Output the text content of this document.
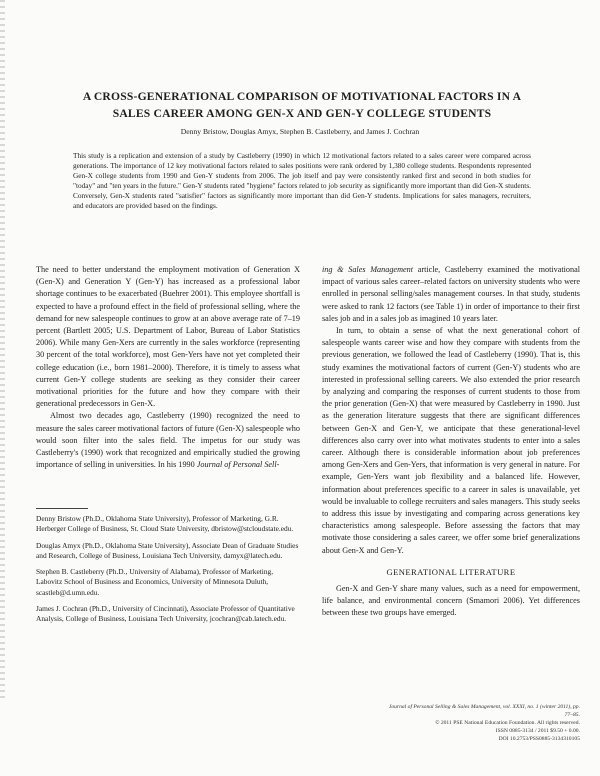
A CROSS-GENERATIONAL COMPARISON OF MOTIVATIONAL FACTORS IN A
SALES CAREER AMONG GEN-X AND GEN-Y COLLEGE STUDENTS
Denny Bristow, Douglas Amyx, Stephen B. Castleberry, and James J. Cochran
This study is a replication and extension of a study by Castleberry (1990) in which 12 motivational factors related to a sales career were compared across generations. The importance of 12 key motivational factors related to sales positions were rank ordered by 1,380 college students. Respondents represented Gen-X college students from 1990 and Gen-Y students from 2006. The job itself and pay were consistently ranked first and second in both studies for "today" and "ten years in the future." Gen-Y students rated "hygiene" factors related to job security as significantly more important than did Gen-X students. Conversely, Gen-X students rated "satisfier" factors as significantly more important than did Gen-Y students. Implications for sales managers, recruiters, and educators are provided based on the findings.

The need to better understand the employment motivation of Generation X (Gen-X) and Generation Y (Gen-Y) has increased as a professional labor shortage continues to be exacerbated (Buehrer 2001). This employee shortfall is expected to have a profound effect in the field of professional selling, where the demand for new salespeople continues to grow at an above average rate of 7–19 percent (Bartlett 2005; U.S. Department of Labor, Bureau of Labor Statistics 2006). While many Gen-Xers are currently in the sales workforce (representing 30 percent of the total workforce), most Gen-Yers have not yet completed their college education (i.e., born 1981–2000). Therefore, it is timely to assess what current Gen-Y college students are seeking as they consider their career motivational priorities for the future and how they compare with their generational predecessors in Gen-X.

Almost two decades ago, Castleberry (1990) recognized the need to measure the sales career motivational factors of future (Gen-X) salespeople who would soon filter into the sales field. The impetus for our study was Castleberry's (1990) work that recognized and empirically studied the growing importance of selling in universities. In his 1990 Journal of Personal Sell-

Denny Bristow (Ph.D., Oklahoma State University), Professor of Marketing, G.R. Herberger College of Business, St. Cloud State University, dbristow@stcloudstate.edu.

Douglas Amyx (Ph.D., Oklahoma State University), Associate Dean of Graduate Studies and Research, College of Business, Louisiana Tech University, damyx@latech.edu.

Stephen B. Castleberry (Ph.D., University of Alabama), Professor of Marketing, Labovitz School of Business and Economics, University of Minnesota Duluth, scastleb@d.umn.edu.

James J. Cochran (Ph.D., University of Cincinnati), Associate Professor of Quantitative Analysis, College of Business, Louisiana Tech University, jcochran@cab.latech.edu.

ing & Sales Management article, Castleberry examined the motivational impact of various sales career–related factors on university students who were enrolled in personal selling/sales management courses. In that study, students were asked to rank 12 factors (see Table 1) in order of importance to their first sales job and in a sales job as imagined 10 years later.

In turn, to obtain a sense of what the next generational cohort of salespeople wants career wise and how they compare with students from the previous generation, we followed the lead of Castleberry (1990). That is, this study examines the motivational factors of current (Gen-Y) students who are interested in professional selling careers. We also extended the prior research by analyzing and comparing the responses of current students to those from the prior generation (Gen-X) that were measured by Castleberry in 1990. Just as the generation literature suggests that there are significant differences between Gen-X and Gen-Y, we anticipate that these generational-level differences also carry over into what motivates students to enter into a sales career. Although there is considerable information about job preferences among Gen-Xers and Gen-Yers, that information is very general in nature. For example, Gen-Yers want job flexibility and a balanced life. However, information about preferences specific to a career in sales is unavailable, yet would be invaluable to college recruiters and sales managers. This study seeks to address this issue by investigating and comparing across generations key characteristics among salespeople. Before assessing the factors that may motivate those considering a sales career, we offer some brief generalizations about Gen-X and Gen-Y.

GENERATIONAL LITERATURE

Gen-X and Gen-Y share many values, such as a need for empowerment, life balance, and environmental concern (Smamori 2006). Yet differences between these two groups have emerged.

Journal of Personal Selling & Sales Management, vol. XXXI, no. 1 (winter 2011), pp. 77–85.
© 2011 PSE National Education Foundation. All rights reserved.
ISSN 0885-3134 / 2011 $9.50 + 0.00.
DOI 10.2753/PSS0885-3134310105
